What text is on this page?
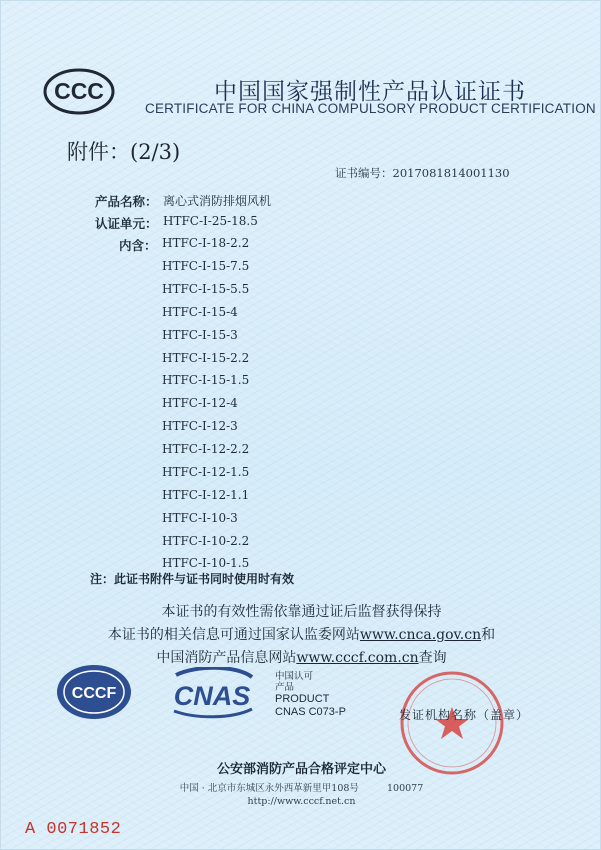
CCC	中国国家强制性产品认证证书
CERTIFICATE FOR CHINA COMPULSORY PRODUCT CERTIFICATION
附件：(2/3)
证书编号：2017081814001130
产品名称： 离心式消防排烟风机
认证单元： HTFC-Ⅰ-25-18.5
内含： HTFC-Ⅰ-18-2.2
HTFC-Ⅰ-15-7.5
HTFC-Ⅰ-15-5.5
HTFC-Ⅰ-15-4
HTFC-Ⅰ-15-3
HTFC-Ⅰ-15-2.2
HTFC-Ⅰ-15-1.5
HTFC-Ⅰ-12-4
HTFC-Ⅰ-12-3
HTFC-Ⅰ-12-2.2
HTFC-Ⅰ-12-1.5
HTFC-Ⅰ-12-1.1
HTFC-Ⅰ-10-3
HTFC-Ⅰ-10-2.2
HTFC-Ⅰ-10-1.5
注：此证书附件与证书同时使用时有效
本证书的有效性需依靠通过证后监督获得保持
本证书的相关信息可通过国家认监委网站www.cnca.gov.cn和
中国消防产品信息网站www.cccf.com.cn查询
CCCF CNAS
中国认可
产品
PRODUCT
CNAS C073-P	发证机构名称（盖章）
公安部消防产品合格评定中心
中国 · 北京市东城区永外西革新里甲108号	100077
http://www.cccf.net.cn
A 0071852
